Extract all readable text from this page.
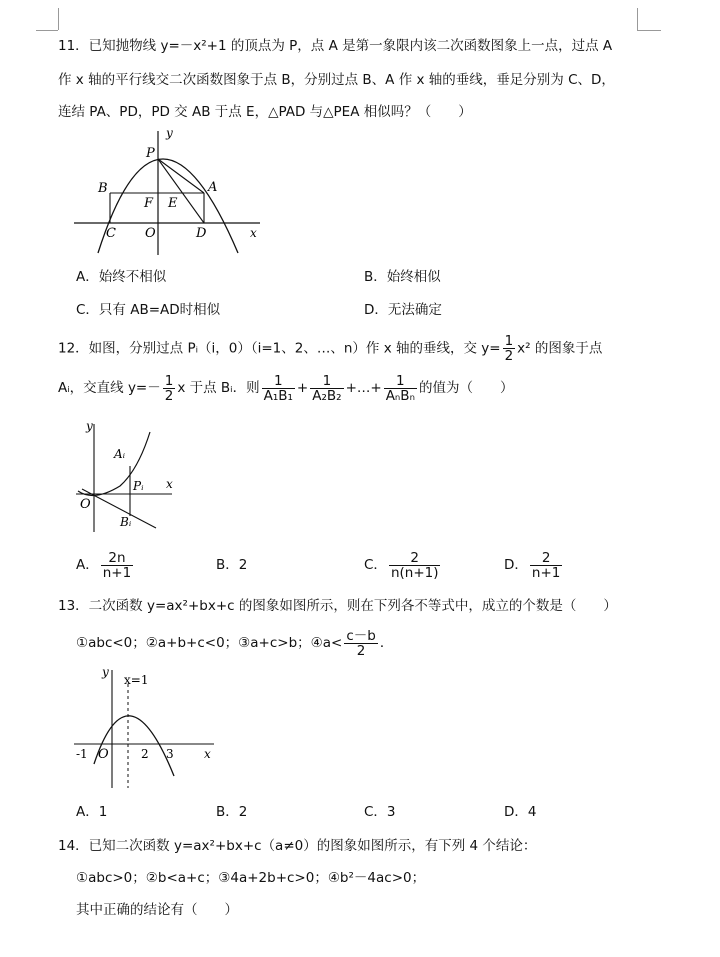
11．已知抛物线 y=－x²+1 的顶点为 P，点 A 是第一象限内该二次函数图象上一点，过点 A
作 x 轴的平行线交二次函数图象于点 B，分别过点 B、A 作 x 轴的垂线，垂足分别为 C、D，
连结 PA、PD，PD 交 AB 于点 E，△PAD 与△PEA 相似吗？（　　）
P
y
B	A
F E
C O	D	x
A．始终不相似	B．始终相似
C．只有 AB=AD时相似	D．无法确定
12．如图，分别过点 Pᵢ（i，0）（i=1、2、…、n）作 x 轴的垂线，交 $y= \frac{1}{2} x^2$ 的图象于点
Aᵢ，交直线 $y=- \frac{1}{2}$ x 于点 Bᵢ．则 $\frac{1}{\text{A₁B₁}} + \frac{1}{\text{A₂B₂}}$ +…+ $\frac{1}{\text{AₙBₙ}}$ 的值为（　　）
y
Aᵢ
Pᵢ x
O
Bᵢ
A． $\frac{2n}{n+1}$	B．2	C． $\frac{2}{n(n+1)}$	D． $\frac{2}{n+1}$
13．二次函数 y=ax²+bx+c 的图象如图所示，则在下列各不等式中，成立的个数是（　　）
①abc<0；②a+b+c<0；③a+c>b；④a< $\frac{c-b}{2}$ ．
y
x=1
-1 O	2 3	x
A．1	B．2	C．3	D．4
14．已知二次函数 y=ax²+bx+c（a≠0）的图象如图所示，有下列 4 个结论：
①abc>0；②b<a+c；③4a+2b+c>0；④b²－4ac>0；
其中正确的结论有（　　）
